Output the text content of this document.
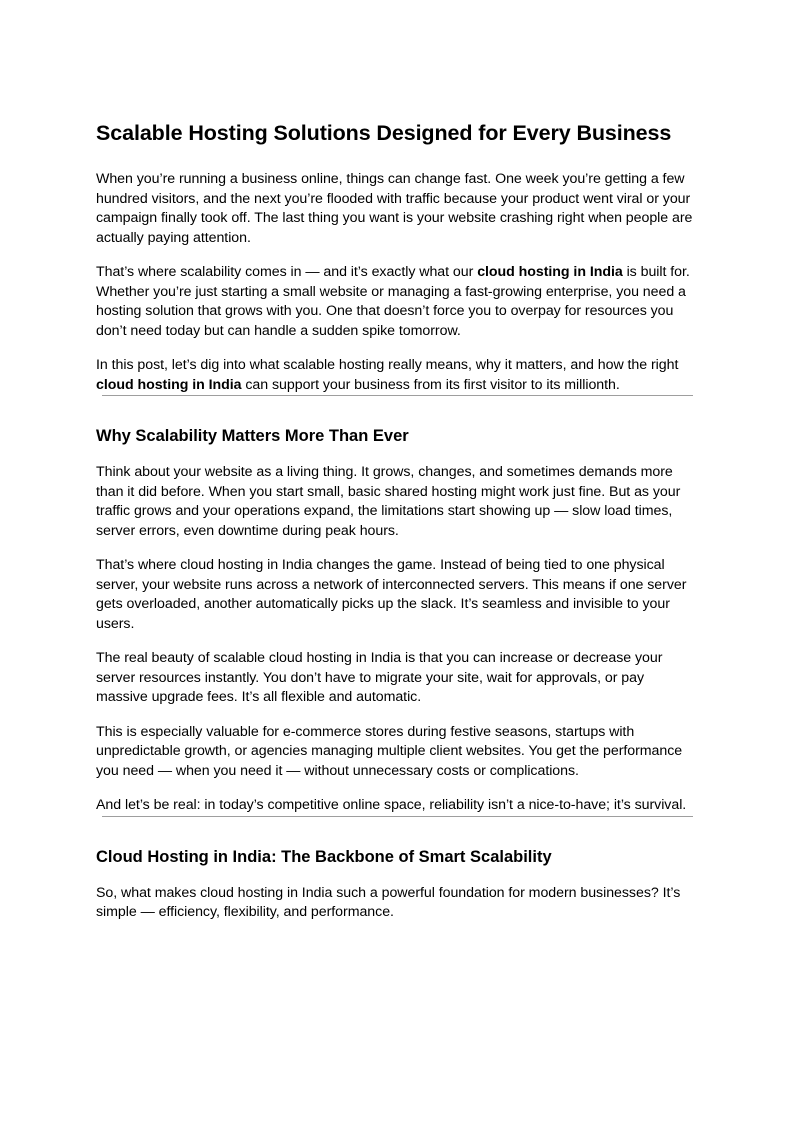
Scalable Hosting Solutions Designed for Every Business

When you’re running a business online, things can change fast. One week you’re getting a few hundred visitors, and the next you’re flooded with traffic because your product went viral or your campaign finally took off. The last thing you want is your website crashing right when people are actually paying attention.

That’s where scalability comes in — and it’s exactly what our cloud hosting in India is built for. Whether you’re just starting a small website or managing a fast-growing enterprise, you need a hosting solution that grows with you. One that doesn’t force you to overpay for resources you don’t need today but can handle a sudden spike tomorrow.

In this post, let’s dig into what scalable hosting really means, why it matters, and how the right cloud hosting in India can support your business from its first visitor to its millionth.

Why Scalability Matters More Than Ever

Think about your website as a living thing. It grows, changes, and sometimes demands more than it did before. When you start small, basic shared hosting might work just fine. But as your traffic grows and your operations expand, the limitations start showing up — slow load times, server errors, even downtime during peak hours.

That’s where cloud hosting in India changes the game. Instead of being tied to one physical server, your website runs across a network of interconnected servers. This means if one server gets overloaded, another automatically picks up the slack. It’s seamless and invisible to your users.

The real beauty of scalable cloud hosting in India is that you can increase or decrease your server resources instantly. You don’t have to migrate your site, wait for approvals, or pay massive upgrade fees. It’s all flexible and automatic.

This is especially valuable for e-commerce stores during festive seasons, startups with unpredictable growth, or agencies managing multiple client websites. You get the performance you need — when you need it — without unnecessary costs or complications.

And let’s be real: in today’s competitive online space, reliability isn’t a nice-to-have; it’s survival.

Cloud Hosting in India: The Backbone of Smart Scalability

So, what makes cloud hosting in India such a powerful foundation for modern businesses? It’s simple — efficiency, flexibility, and performance.
